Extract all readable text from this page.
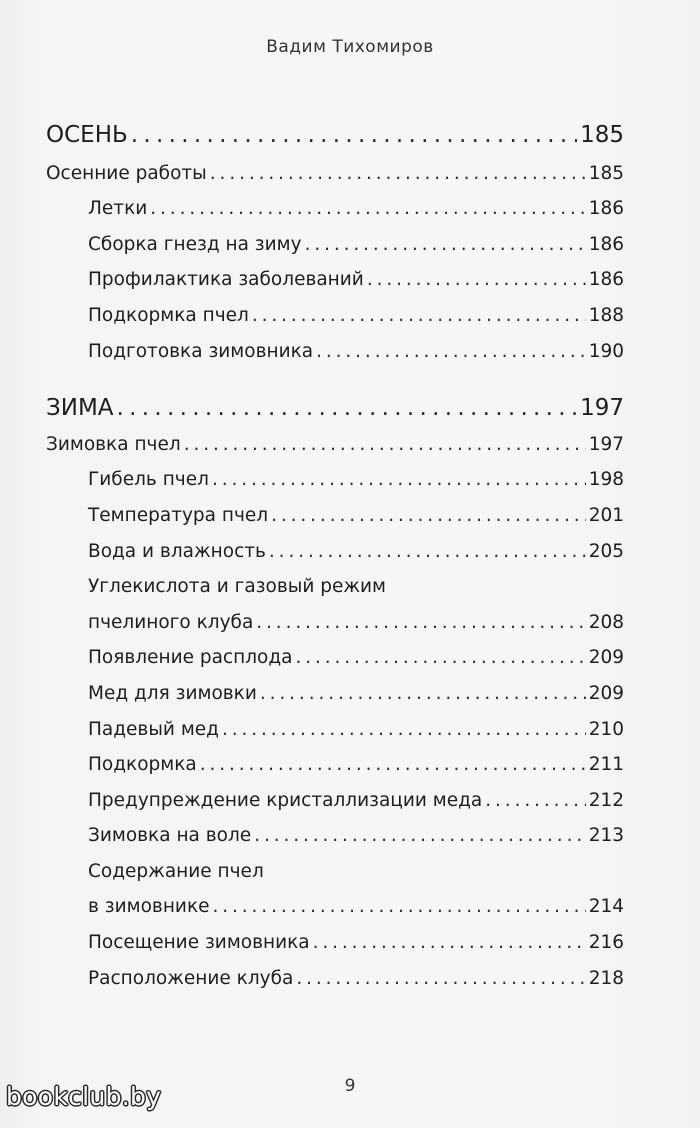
Вадим Тихомиров
ОСЕНЬ . . .	185
Осенние работы . . .	185
Летки . . .	186
Сборка гнезд на зиму . . .	186
Профилактика заболеваний . . .	186
Подкормка пчел . . .	188
Подготовка зимовника . . .	190
ЗИМА . . .	197
Зимовка пчел . . .	197
Гибель пчел . . .	198
Температура пчел . . .	201
Вода и влажность . . .	205
Углекислота и газовый режим
пчелиного клуба . . .	208
Появление расплода . . .	209
Мед для зимовки . . .	209
Падевый мед . . .	210
Подкормка . . .	211
Предупреждение кристаллизации меда . . .	212
Зимовка на воле . . .	213
Содержание пчел
в зимовнике . . .	214
Посещение зимовника . . .	216
Расположение клуба . . .	218
9
bookclub.by
